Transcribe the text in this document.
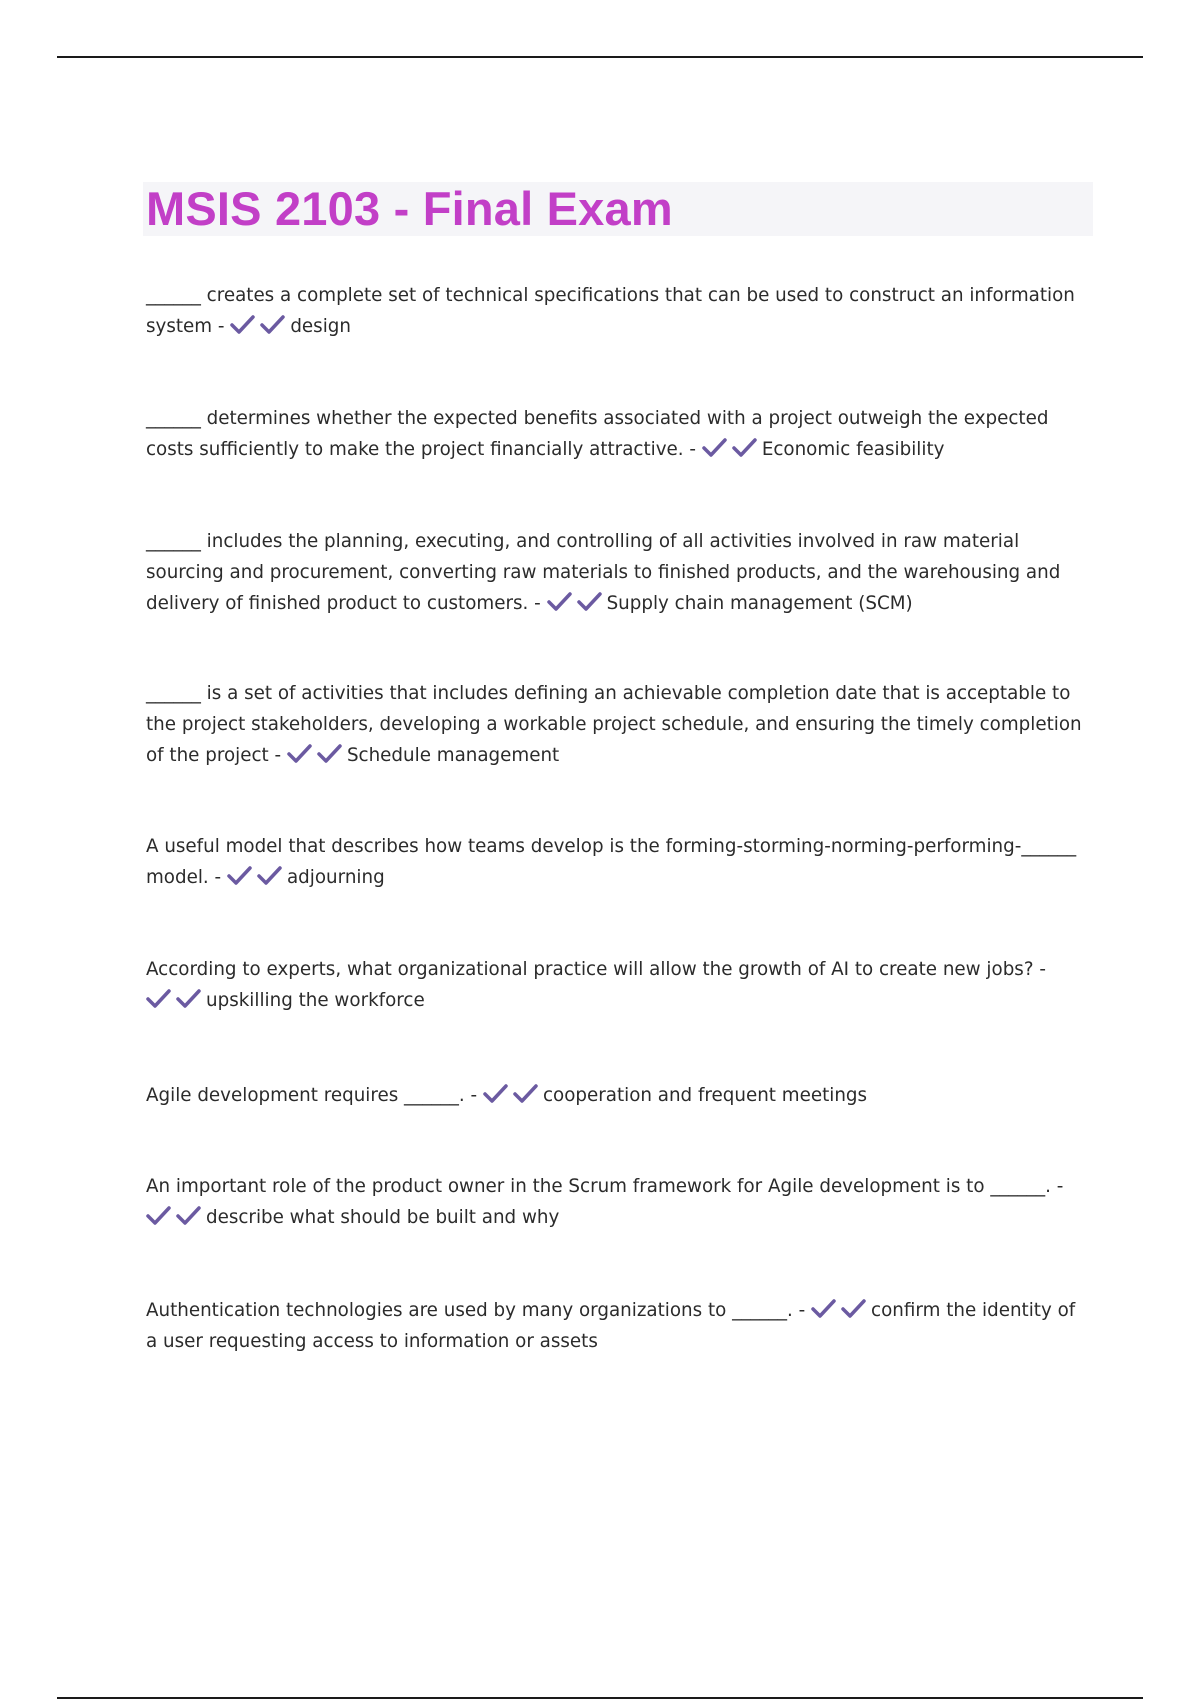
MSIS 2103 - Final Exam
______ creates a complete set of technical specifications that can be used to construct an information system -	design
______ determines whether the expected benefits associated with a project outweigh the expected costs sufficiently to make the project financially attractive. -	Economic feasibility
______ includes the planning, executing, and controlling of all activities involved in raw material sourcing and procurement, converting raw materials to finished products, and the warehousing and delivery of finished product to customers. -	Supply chain management (SCM)
______ is a set of activities that includes defining an achievable completion date that is acceptable to the project stakeholders, developing a workable project schedule, and ensuring the timely completion of the project -	Schedule management
A useful model that describes how teams develop is the forming-storming-norming-performing-______ model. -	adjourning
According to experts, what organizational practice will allow the growth of AI to create new jobs? -
upskilling the workforce
Agile development requires ______. -	cooperation and frequent meetings
An important role of the product owner in the Scrum framework for Agile development is to ______. -
describe what should be built and why
Authentication technologies are used by many organizations to ______. -	confirm the identity of a user requesting access to information or assets
